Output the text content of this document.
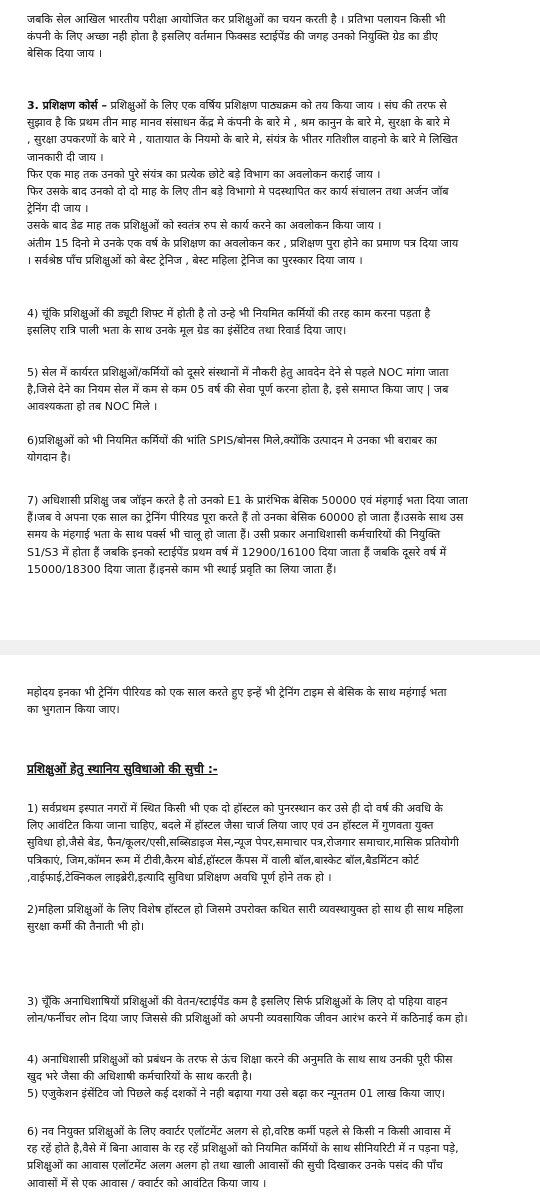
जबकि सेल आखिल भारतीय परीक्षा आयोजित कर प्रशिक्षुओं का चयन करती है । प्रतिभा पलायन किसी भी
कंपनी के लिए अच्छा नही होता है इसलिए वर्तमान फिक्सड स्टाईपेंड की जगह उनको नियुक्ति ग्रेड का डीए
बेसिक दिया जाय ।

3. प्रशिक्षण कोर्स – प्रशिक्षुओं के लिए एक वर्षिय प्रशिक्षण पाठ्यक्रम को तय किया जाय । संघ की तरफ से
सुझाव है कि प्रथम तीन माह मानव संसाधन केंद्र मे कंपनी के बारे मे , श्रम कानुन के बारे मे, सुरक्षा के बारे मे
, सुरक्षा उपकरणों के बारे मे , यातायात के नियमो के बारे मे, संयंत्र के भीतर गतिशील वाहनो के बारे मे लिखित
जानकारी दी जाय ।
फिर एक माह तक उनको पुरे संयंत्र का प्रत्येक छोटे बड़े विभाग का अवलोकन कराई जाय ।
फिर उसके बाद उनको दो दो माह के लिए तीन बड़े विभागो मे पदस्थापित कर कार्य संचालन तथा अर्जन जॉब
ट्रेनिंग दी जाय ।
उसके बाद डेढ माह तक प्रशिक्षुओं को स्वतंत्र रुप से कार्य करने का अवलोकन किया जाय ।
अंतीम 15 दिनो मे उनके एक वर्ष के प्रशिक्षण का अवलोकन कर , प्रशिक्षण पुरा होने का प्रमाण पत्र दिया जाय
। सर्वश्रेष्ठ पाँच प्रशिक्षुओं को बेस्ट ट्रेनिज , बेस्ट महिला ट्रेनिज का पुरस्कार दिया जाय ।

4) चूंकि प्रशिक्षुओं की ड्यूटी शिफ्ट में होती है तो उन्हे भी नियमित कर्मियों की तरह काम करना पड़ता है
इसलिए रात्रि पाली भता के साथ उनके मूल ग्रेड का इंसेंटिव तथा रिवार्ड दिया जाए।

5) सेल में कार्यरत प्रशिक्षुओं/कर्मियों को दूसरे संस्थानों में नौकरी हेतु आवदेन देने से पहले NOC मांगा जाता
है,जिसे देने का नियम सेल में कम से कम 05 वर्ष की सेवा पूर्ण करना होता है, इसे समाप्त किया जाए | जब
आवश्यकता हो तब NOC मिले ।

6)प्रशिक्षुओं को भी नियमित कर्मियों की भांति SPIS/बोनस मिले,क्योंकि उत्पादन मे उनका भी बराबर का
योगदान है।

7) अधिशासी प्रशिक्षु जब जॉइन करते है तो उनको E1 के प्रारंभिक बेसिक 50000 एवं मंहगाई भता दिया जाता
हैं।जब वे अपना एक साल का ट्रेनिंग पीरियड पूरा करते हैं तो उनका बेसिक 60000 हो जाता हैं।उसके साथ उस
समय के मंहगाई भता के साथ पर्क्स भी चालू हो जाता हैं। उसी प्रकार अनाधिशासी कर्मचारियों की नियुक्ति
S1/S3 में होता हैं जबकि इनको स्टाईपेंड प्रथम वर्ष में 12900/16100 दिया जाता हैं जबकि दूसरे वर्ष में
15000/18300 दिया जाता हैं।इनसे काम भी स्थाई प्रवृति का लिया जाता हैं।

महोदय इनका भी ट्रेनिंग पीरियड को एक साल करते हुए इन्हें भी ट्रेनिंग टाइम से बेसिक के साथ महंगाई भता
का भुगतान किया जाए।

प्रशिक्षुओं हेतु स्थानिय सुविधाओ की सुची :-

1) सर्वप्रथम इस्पात नगरों में स्थित किसी भी एक दो हॉस्टल को पुनरस्थान कर उसे ही दो वर्ष की अवधि के
लिए आवंटित किया जाना चाहिए, बदले में हॉस्टल जैसा चार्ज लिया जाए एवं उन हॉस्टल में गुणवता युक्त
सुविधा हो,जैसे बेड, फैन/कूलर/एसी,सब्सिडाइज मेस,न्यूज पेपर,समाचार पत्र,रोजगार समाचार,मासिक प्रतियोगी
पत्रिकाएं, जिम,कॉमन रूम में टीवी,कैरम बोर्ड,हॉस्टल कैंपस में वाली बॉल,बास्केट बॉल,बैडमिंटन कोर्ट
,वाईफाई,टेक्निकल लाइब्रेरी,इत्यादि सुविधा प्रशिक्षण अवधि पूर्ण होने तक हो ।

2)महिला प्रशिक्षुओं के लिए विशेष हॉस्टल हो जिसमे उपरोक्त कथित सारी व्यवस्थायुक्त हो साथ ही साथ महिला
सुरक्षा कर्मी की तैनाती भी हो।

3) चूँकि अनाधिशाषियों प्रशिक्षुओं की वेतन/स्टाईपेंड कम है इसलिए सिर्फ प्रशिक्षुओं के लिए दो पहिया वाहन
लोन/फर्नीचर लोन दिया जाए जिससे की प्रशिक्षुओं को अपनी व्यवसायिक जीवन आरंभ करने में कठिनाई कम हो।

4) अनाधिशासी प्रशिक्षुओं को प्रबंधन के तरफ से ऊंच शिक्षा करने की अनुमति के साथ साथ उनकी पूरी फीस
खुद भरे जैसा की अधिशाषी कर्मचारियों के साथ करती है।
5) एजुकेशन इंसेंटिव जो पिछले कई दशकों ने नही बढ़ाया गया उसे बढ़ा कर न्यूनतम 01 लाख किया जाए।

6) नव नियुक्त प्रशिक्षुओं के लिए क्वार्टर एलॉटमेंट अलग से हो,वरिष्ठ कर्मी पहले से किसी न किसी आवास में
रह रहें होते है,वैसे में बिना आवास के रह रहें प्रशिक्षुओं को नियमित कर्मियों के साथ सीनियरिटी में न पड़ना पड़े,
प्रशिक्षुओं का आवास एलॉटमेंट अलग अलग हो तथा खाली आवासों की सुची दिखाकर उनके पसंद की पाँच
आवासों में से एक आवास / क्वार्टर को आवंटित किया जाय ।
